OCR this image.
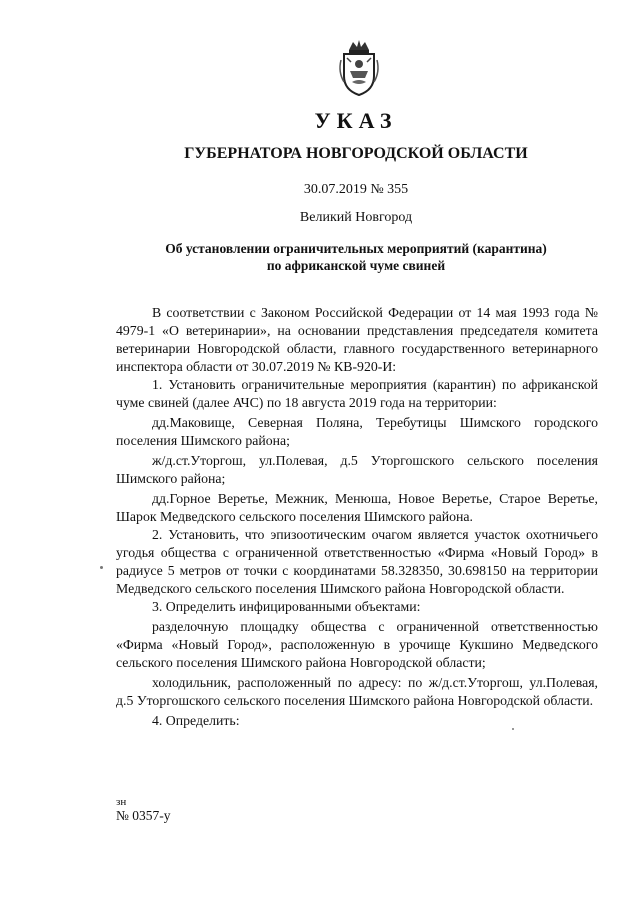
УКАЗ
ГУБЕРНАТОРА НОВГОРОДСКОЙ ОБЛАСТИ
30.07.2019 № 355
Великий Новгород
Об установлении ограничительных мероприятий (карантина)
по африканской чуме свиней

В соответствии с Законом Российской Федерации от 14 мая 1993 года № 4979-1 «О ветеринарии», на основании представления председателя комитета ветеринарии Новгородской области, главного государственного ветеринарного инспектора области от 30.07.2019 № КВ-920-И:

1. Установить ограничительные мероприятия (карантин) по африканской чуме свиней (далее АЧС) по 18 августа 2019 года на территории:

дд.Маковище, Северная Поляна, Теребутицы Шимского городского поселения Шимского района;

ж/д.ст.Уторгош, ул.Полевая, д.5 Уторгошского сельского поселения Шимского района;

дд.Горное Веретье, Межник, Менюша, Новое Веретье, Старое Веретье, Шарок Медведского сельского поселения Шимского района.

2. Установить, что эпизоотическим очагом является участок охотничьего угодья общества с ограниченной ответственностью «Фирма «Новый Город» в радиусе 5 метров от точки с координатами 58.328350, 30.698150 на территории Медведского сельского поселения Шимского района Новгородской области.

3. Определить инфицированными объектами:

разделочную площадку общества с ограниченной ответственностью «Фирма «Новый Город», расположенную в урочище Кукшино Медведского сельского поселения Шимского района Новгородской области;

холодильник, расположенный по адресу: по ж/д.ст.Уторгош, ул.Полевая, д.5 Уторгошского сельского поселения Шимского района Новгородской области.

4. Определить:

зн
№ 0357-у
